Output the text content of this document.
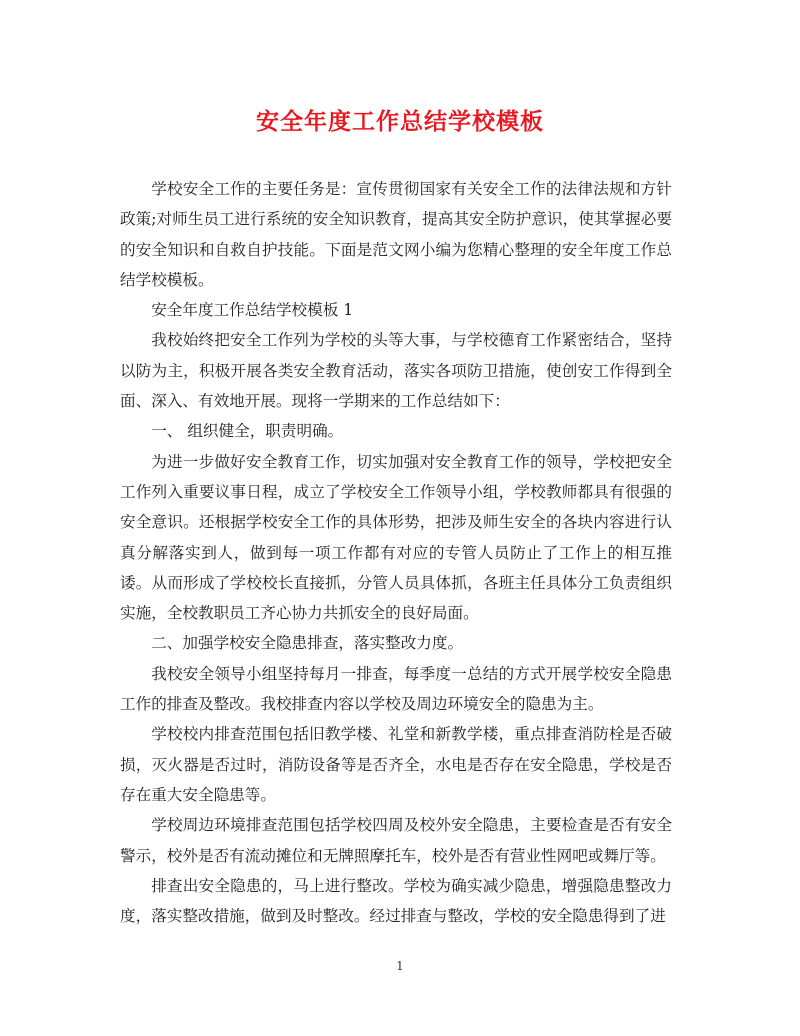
安全年度工作总结学校模板

学校安全工作的主要任务是：宣传贯彻国家有关安全工作的法律法规和方针政策;对师生员工进行系统的安全知识教育，提高其安全防护意识，使其掌握必要的安全知识和自救自护技能。下面是范文网小编为您精心整理的安全年度工作总结学校模板。

安全年度工作总结学校模板 1

我校始终把安全工作列为学校的头等大事，与学校德育工作紧密结合，坚持以防为主，积极开展各类安全教育活动，落实各项防卫措施，使创安工作得到全面、深入、有效地开展。现将一学期来的工作总结如下：

一、 组织健全，职责明确。

为进一步做好安全教育工作，切实加强对安全教育工作的领导，学校把安全工作列入重要议事日程，成立了学校安全工作领导小组，学校教师都具有很强的安全意识。还根据学校安全工作的具体形势，把涉及师生安全的各块内容进行认真分解落实到人，做到每一项工作都有对应的专管人员防止了工作上的相互推诿。从而形成了学校校长直接抓，分管人员具体抓，各班主任具体分工负责组织实施，全校教职员工齐心协力共抓安全的良好局面。

二、加强学校安全隐患排查，落实整改力度。

我校安全领导小组坚持每月一排查，每季度一总结的方式开展学校安全隐患工作的排查及整改。我校排查内容以学校及周边环境安全的隐患为主。

学校校内排查范围包括旧教学楼、礼堂和新教学楼，重点排查消防栓是否破损，灭火器是否过时，消防设备等是否齐全，水电是否存在安全隐患，学校是否存在重大安全隐患等。

学校周边环境排查范围包括学校四周及校外安全隐患，主要检查是否有安全警示，校外是否有流动摊位和无牌照摩托车，校外是否有营业性网吧或舞厅等。

排查出安全隐患的，马上进行整改。学校为确实减少隐患，增强隐患整改力度，落实整改措施，做到及时整改。经过排查与整改，学校的安全隐患得到了进

1
